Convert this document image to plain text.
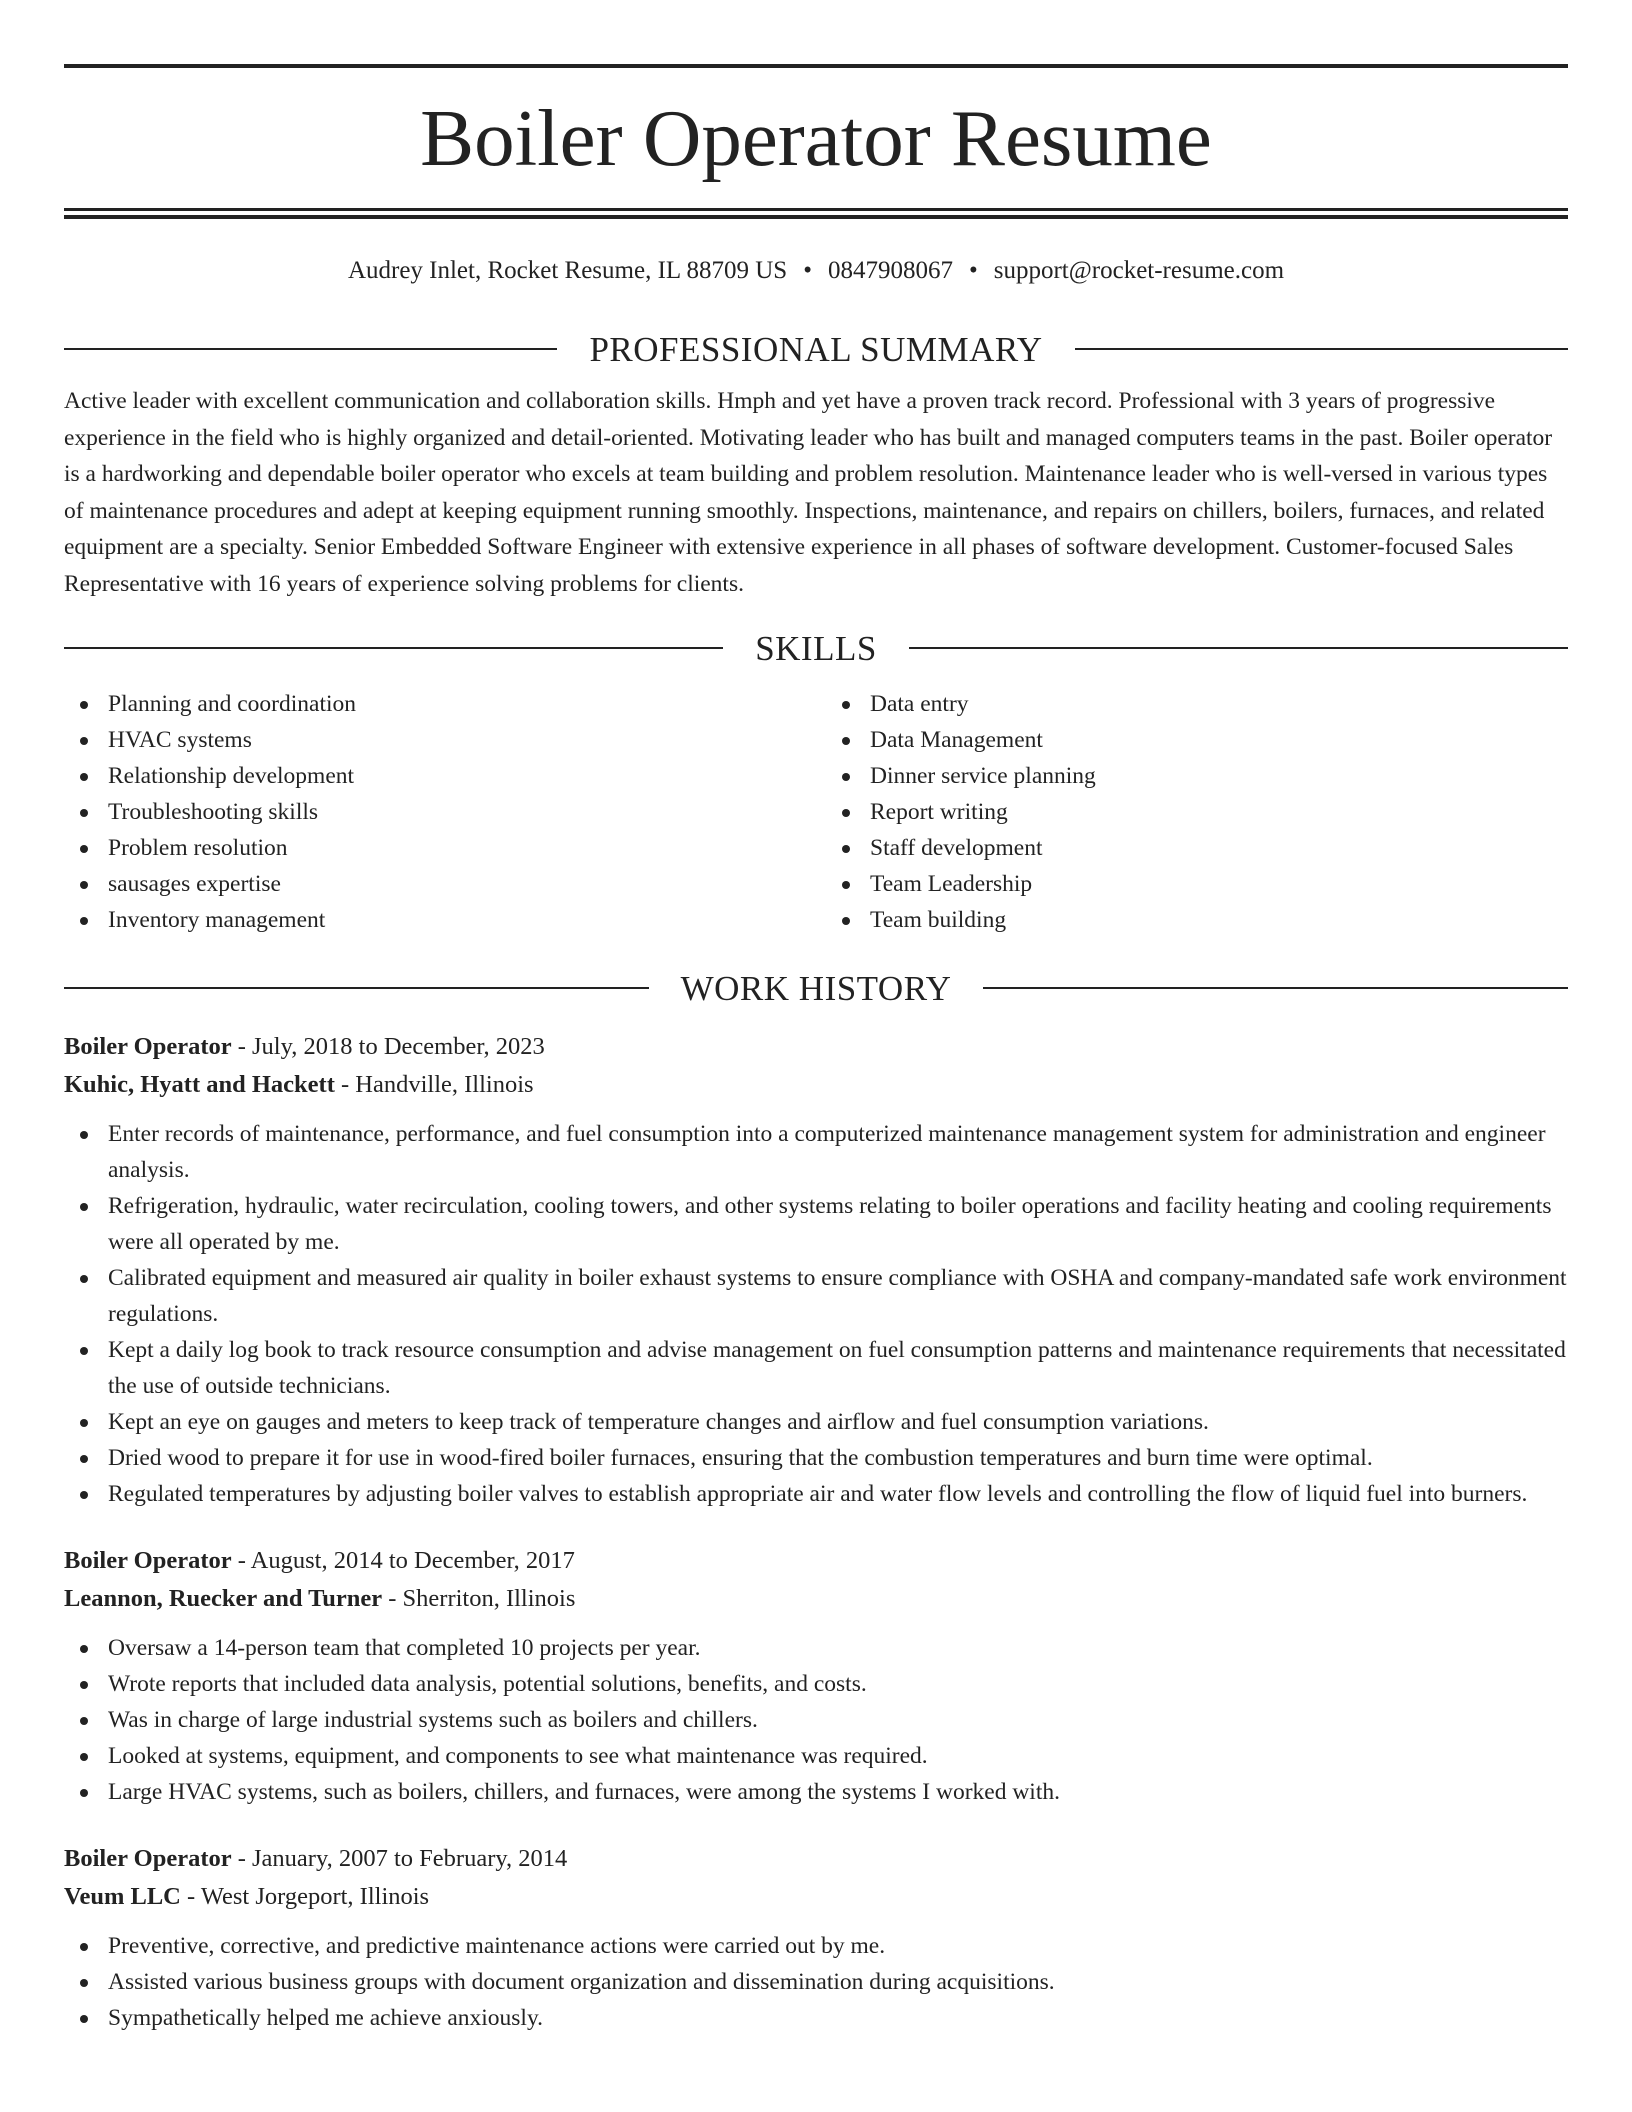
Boiler Operator Resume
Audrey Inlet, Rocket Resume, IL 88709 US • 0847908067 • support@rocket-resume.com
PROFESSIONAL SUMMARY

Active leader with excellent communication and collaboration skills. Hmph and yet have a proven track record. Professional with 3 years of progressive experience in the field who is highly organized and detail-oriented. Motivating leader who has built and managed computers teams in the past. Boiler operator is a hardworking and dependable boiler operator who excels at team building and problem resolution. Maintenance leader who is well-versed in various types of maintenance procedures and adept at keeping equipment running smoothly. Inspections, maintenance, and repairs on chillers, boilers, furnaces, and related equipment are a specialty. Senior Embedded Software Engineer with extensive experience in all phases of software development. Customer-focused Sales Representative with 16 years of experience solving problems for clients.

SKILLS
Planning and coordination
HVAC systems
Relationship development
Troubleshooting skills
Problem resolution
sausages expertise
Inventory management
Data entry
Data Management
Dinner service planning
Report writing
Staff development
Team Leadership
Team building
WORK HISTORY
Boiler Operator - July, 2018 to December, 2023
Kuhic, Hyatt and Hackett - Handville, Illinois
Enter records of maintenance, performance, and fuel consumption into a computerized maintenance management system for administration and engineer analysis.
Refrigeration, hydraulic, water recirculation, cooling towers, and other systems relating to boiler operations and facility heating and cooling requirements were all operated by me.
Calibrated equipment and measured air quality in boiler exhaust systems to ensure compliance with OSHA and company-mandated safe work environment regulations.
Kept a daily log book to track resource consumption and advise management on fuel consumption patterns and maintenance requirements that necessitated the use of outside technicians.
Kept an eye on gauges and meters to keep track of temperature changes and airflow and fuel consumption variations.
Dried wood to prepare it for use in wood-fired boiler furnaces, ensuring that the combustion temperatures and burn time were optimal.
Regulated temperatures by adjusting boiler valves to establish appropriate air and water flow levels and controlling the flow of liquid fuel into burners.
Boiler Operator - August, 2014 to December, 2017
Leannon, Ruecker and Turner - Sherriton, Illinois
Oversaw a 14-person team that completed 10 projects per year.
Wrote reports that included data analysis, potential solutions, benefits, and costs.
Was in charge of large industrial systems such as boilers and chillers.
Looked at systems, equipment, and components to see what maintenance was required.
Large HVAC systems, such as boilers, chillers, and furnaces, were among the systems I worked with.
Boiler Operator - January, 2007 to February, 2014
Veum LLC - West Jorgeport, Illinois
Preventive, corrective, and predictive maintenance actions were carried out by me.
Assisted various business groups with document organization and dissemination during acquisitions.
Sympathetically helped me achieve anxiously.
